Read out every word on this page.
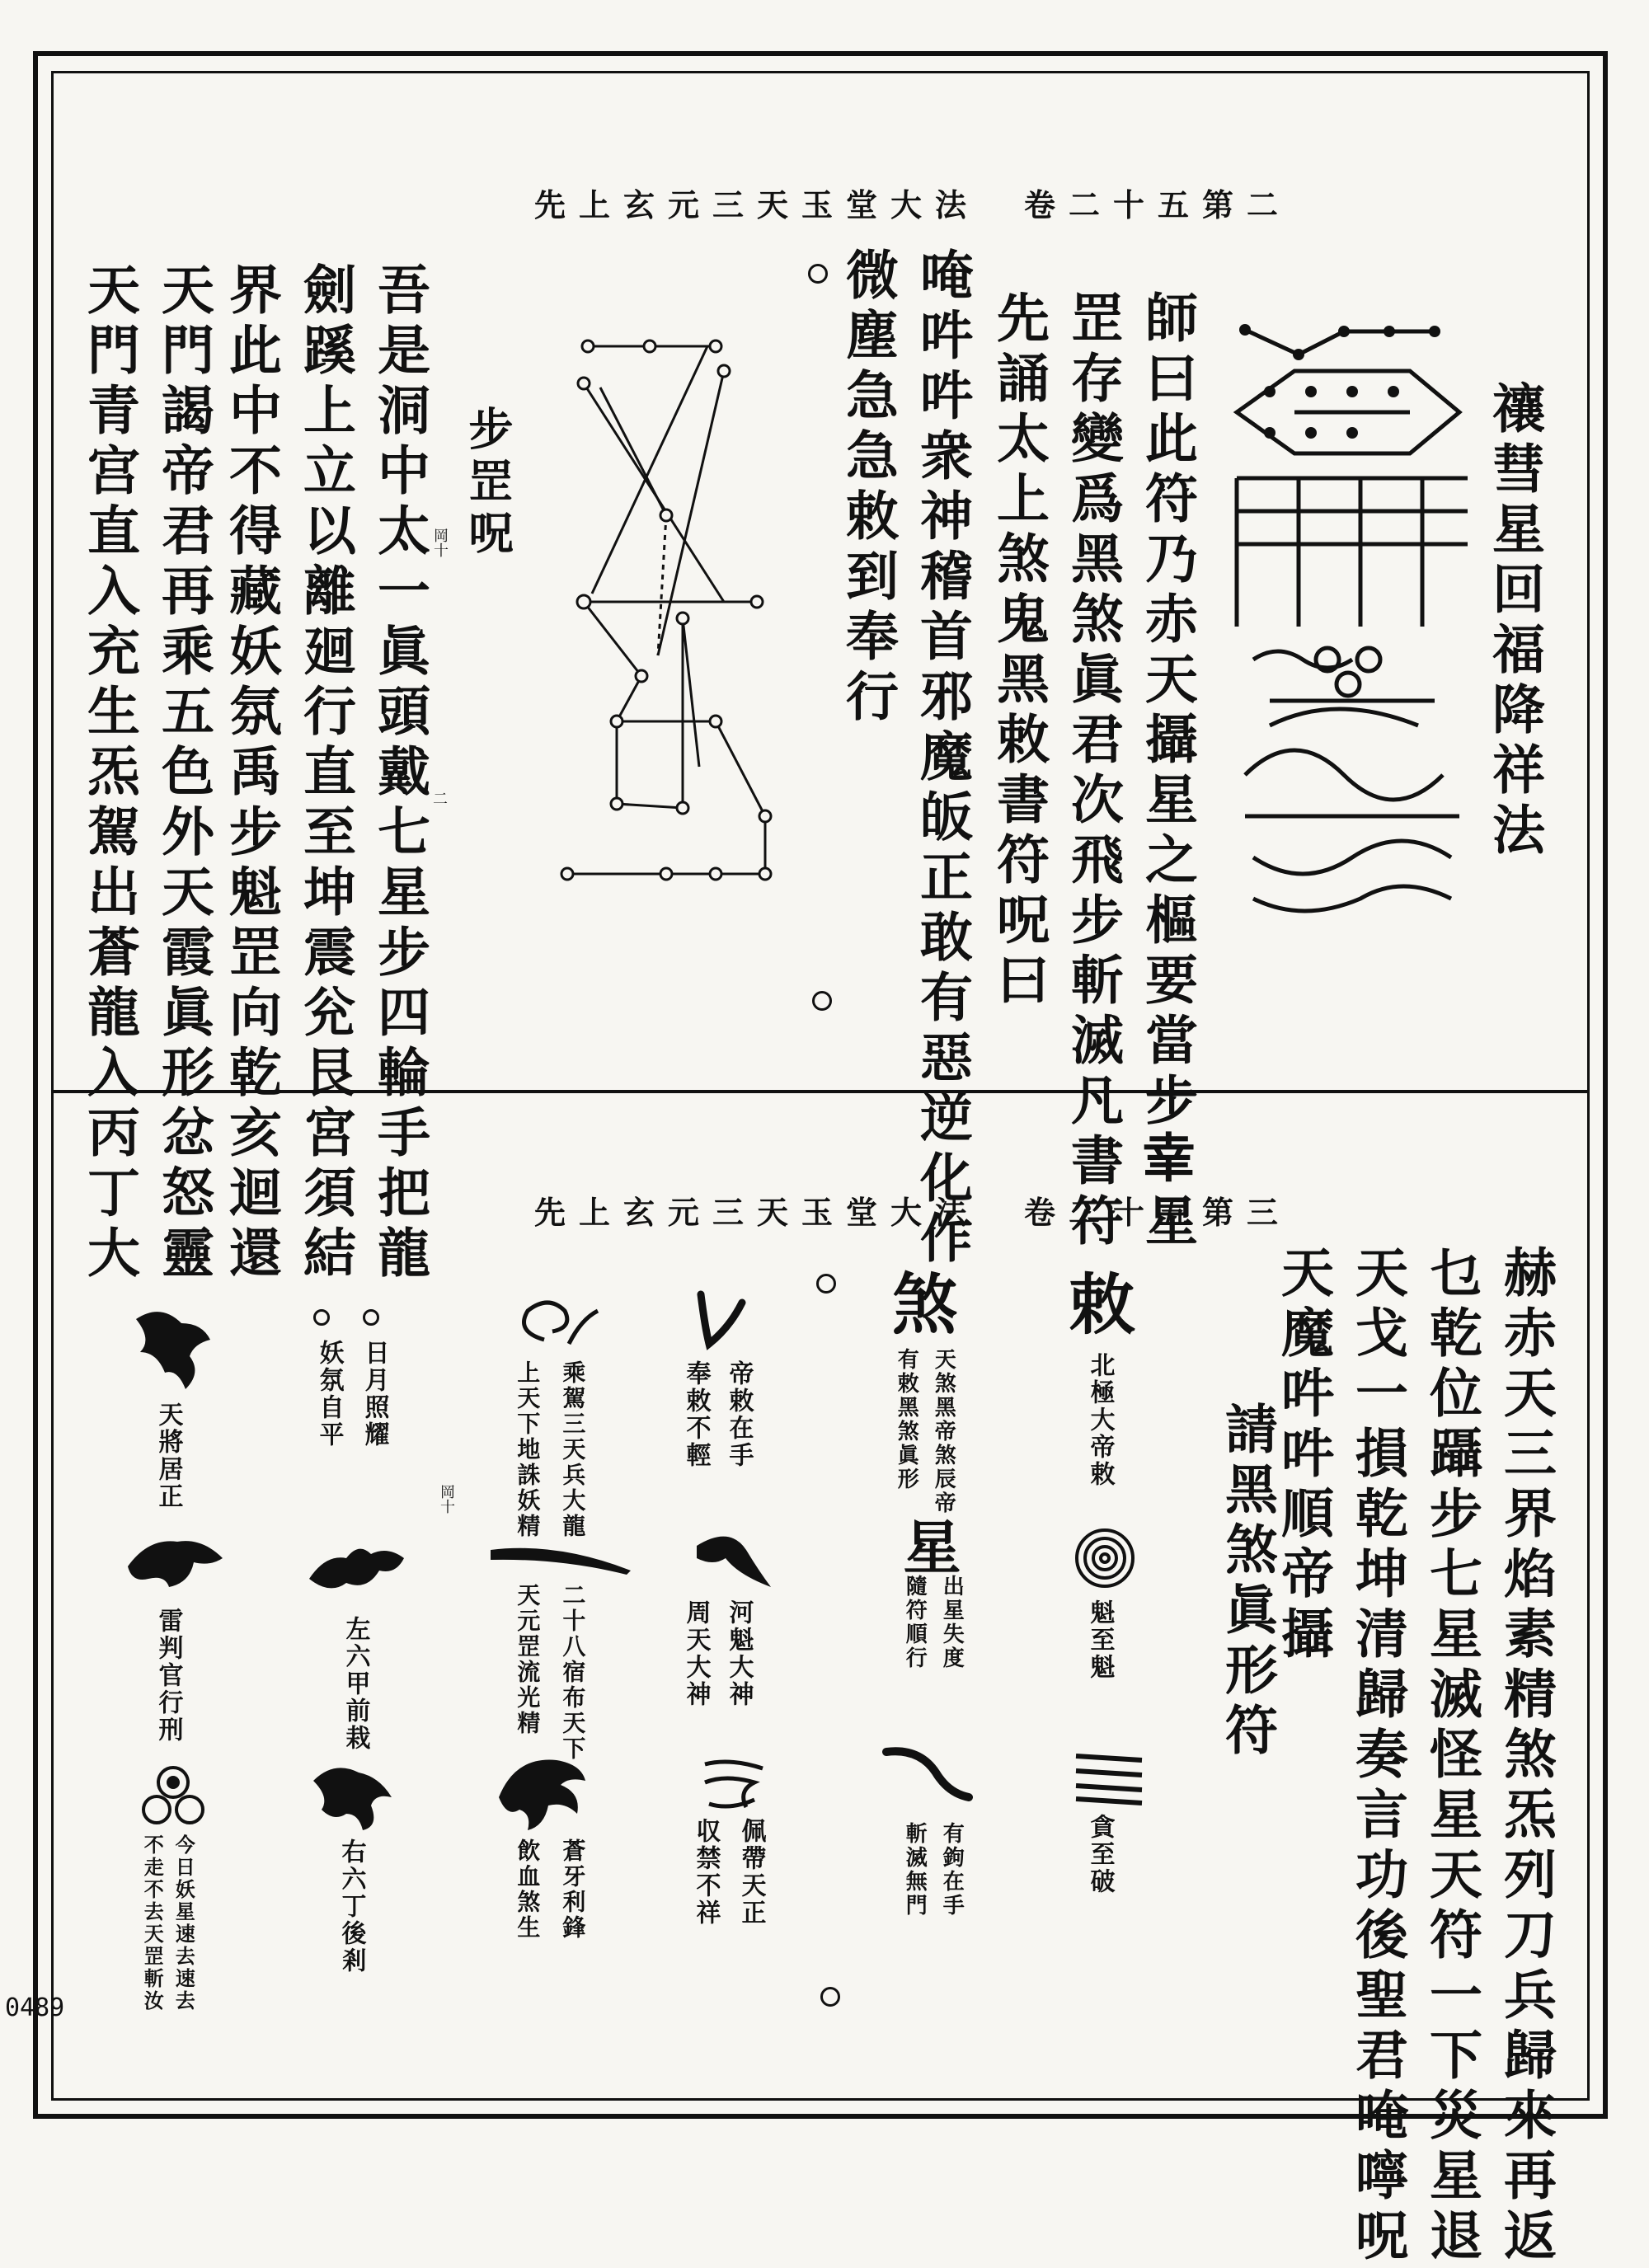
0489
先上玄元三天玉堂大法　卷二十五第二
禳彗星回福降祥法
師曰此符乃赤天攝星之樞要當步𦍒星
罡存變爲黑煞眞君次飛步斬滅凡書符
先誦太上煞鬼黑敕書符呪曰
唵吽吽衆神稽首邪魔皈正敢有惡逆化作
微塵急急敕到奉行
步罡呪
岡十
二
吾是洞中太一眞頭戴七星步四輪手把龍
劍蹊上立以離廻行直至坤震兊艮宮須結
界此中不得藏妖氛禹步魁罡向乾亥迴還
天門謁帝君再乘五色外天霞眞形忿怒靈
天門青宫直入充生炁駕出蒼龍入丙丁大	先上玄元三天玉堂大法　卷二十五第三
赫赤天三界焰素精煞炁列刀兵歸來再返
乜乾位躡步七星滅怪星天符一下災星退
天戈一損乾坤清歸奏言功後聖君唵嚀呪
天魔吽吽順帝攝
請黑煞眞形符
敕
北極大帝敕
魁至魁
貪至破
煞
天煞黑帝煞辰帝
有敕黑煞眞形
星
出星失度
隨符順行
有鉤在手
斬滅無門
帝敕在手
奉敕不輕
河魁大神
周天大神
佩帶天正
収禁不祥
乘駕三天兵大龍
上天下地誅妖精
二十八宿布天下
天元罡流光精
蒼牙利鋒
飲血煞生
日月照耀
妖氛自平
岡十
左六甲前栽
右六丁後剎
天將居正
雷判官行刑
今日妖星速去速去
不走不去天罡斬汝
